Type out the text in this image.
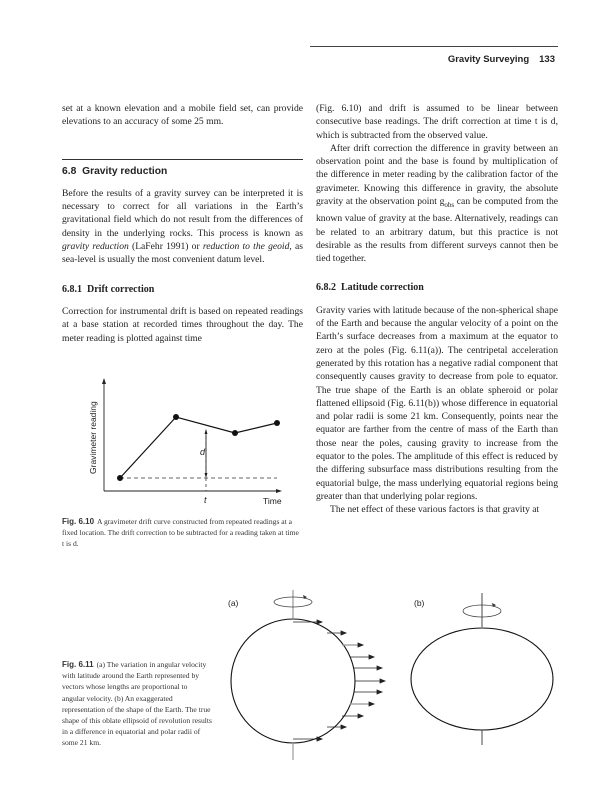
Gravity Surveying 133

set at a known elevation and a mobile field set, can provide elevations to an accuracy of some 25 mm.

6.8 Gravity reduction

Before the results of a gravity survey can be interpreted it is necessary to correct for all variations in the Earth’s gravitational field which do not result from the differences of density in the underlying rocks. This process is known as gravity reduction (LaFehr 1991) or reduction to the geoid, as sea-level is usually the most convenient datum level.

6.8.1 Drift correction

Correction for instrumental drift is based on repeated readings at a base station at recorded times throughout the day. The meter reading is plotted against time

d
t	Time
Gravimeter reading
Fig. 6.10 A gravimeter drift curve constructed from repeated readings at a fixed location. The drift correction to be subtracted for a reading taken at time t is d.

(Fig. 6.10) and drift is assumed to be linear between consecutive base readings. The drift correction at time t is d, which is subtracted from the observed value.

After drift correction the difference in gravity between an observation point and the base is found by multiplication of the difference in meter reading by the calibration factor of the gravimeter. Knowing this difference in gravity, the absolute gravity at the observation point $g_{obs}$ can be computed from the known value of gravity at the base. Alternatively, readings can be related to an arbitrary datum, but this practice is not desirable as the results from different surveys cannot then be tied together.

6.8.2 Latitude correction

Gravity varies with latitude because of the non-spherical shape of the Earth and because the angular velocity of a point on the Earth’s surface decreases from a maximum at the equator to zero at the poles (Fig. 6.11(a)). The centripetal acceleration generated by this rotation has a negative radial component that consequently causes gravity to decrease from pole to equator. The true shape of the Earth is an oblate spheroid or polar flattened ellipsoid (Fig. 6.11(b)) whose difference in equatorial and polar radii is some 21 km. Consequently, points near the equator are farther from the centre of mass of the Earth than those near the poles, causing gravity to increase from the equator to the poles. The amplitude of this effect is reduced by the differing subsurface mass distributions resulting from the equatorial bulge, the mass underlying equatorial regions being greater than that underlying polar regions.

The net effect of these various factors is that gravity at

(a)	(b)
Fig. 6.11 (a) The variation in angular velocity with latitude around the Earth represented by vectors whose lengths are proportional to angular velocity. (b) An exaggerated representation of the shape of the Earth. The true shape of this oblate ellipsoid of revolution results in a difference in equatorial and polar radii of some 21 km.
